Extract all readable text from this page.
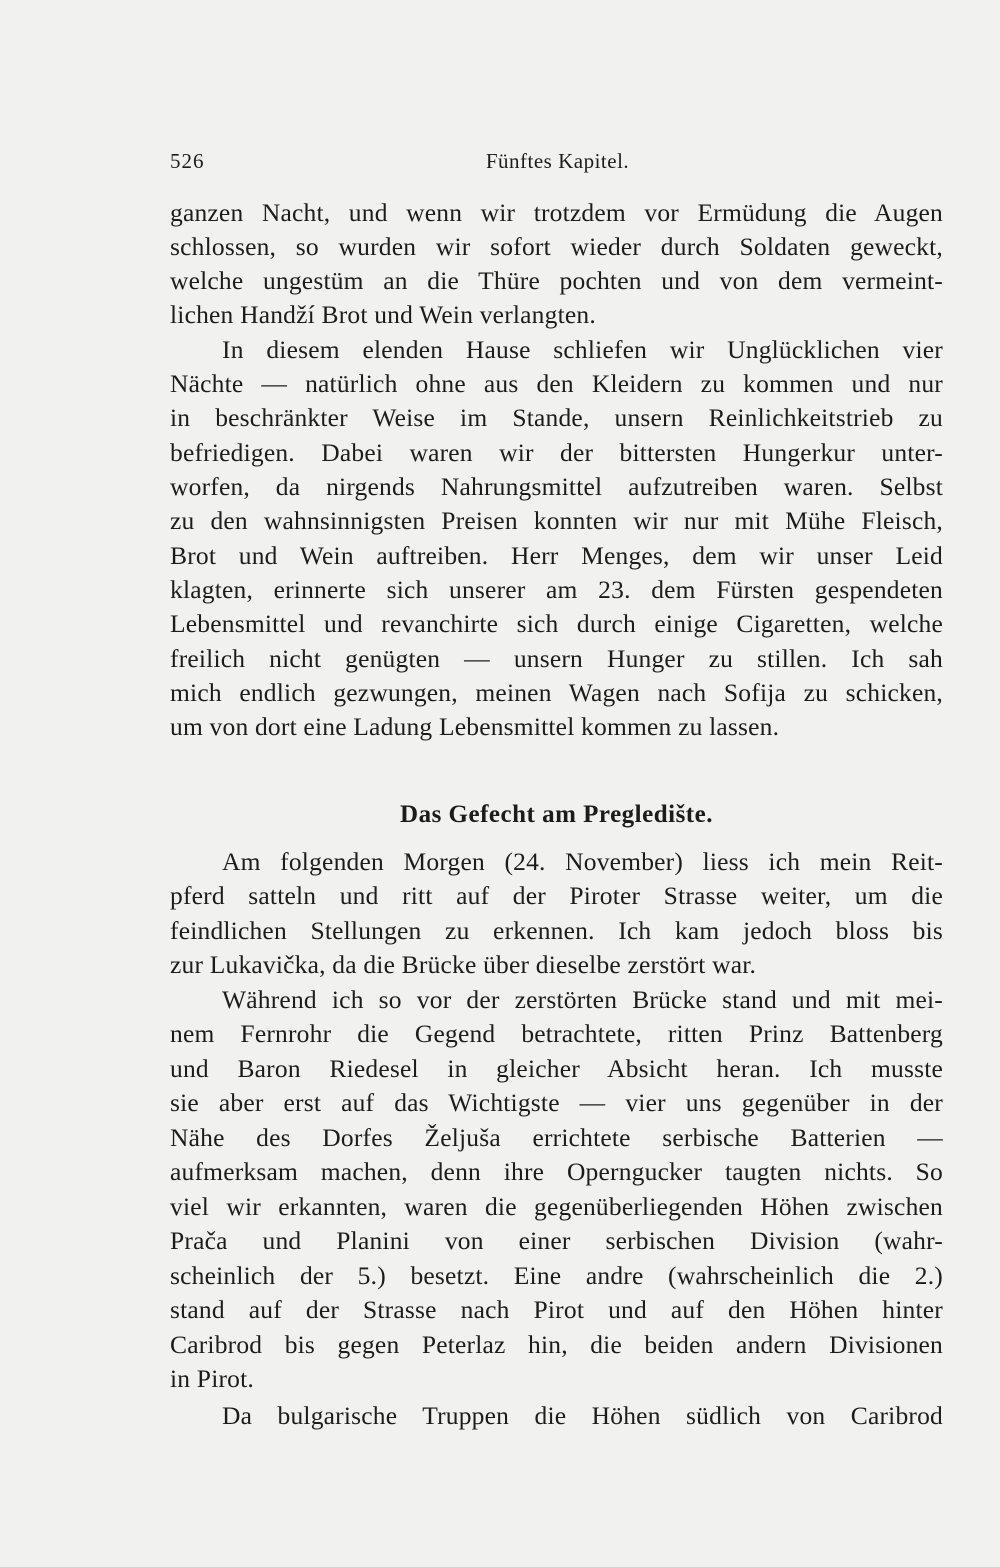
526	Fünftes Kapitel.
ganzen Nacht, und wenn wir trotzdem vor Ermüdung die Augen
schlossen, so wurden wir sofort wieder durch Soldaten geweckt,
welche ungestüm an die Thüre pochten und von dem vermeint-
lichen Handží Brot und Wein verlangten.
In diesem elenden Hause schliefen wir Unglücklichen vier
Nächte — natürlich ohne aus den Kleidern zu kommen und nur
in beschränkter Weise im Stande, unsern Reinlichkeitstrieb zu
befriedigen. Dabei waren wir der bittersten Hungerkur unter-
worfen, da nirgends Nahrungsmittel aufzutreiben waren. Selbst
zu den wahnsinnigsten Preisen konnten wir nur mit Mühe Fleisch,
Brot und Wein auftreiben. Herr Menges, dem wir unser Leid
klagten, erinnerte sich unserer am 23. dem Fürsten gespendeten
Lebensmittel und revanchirte sich durch einige Cigaretten, welche
freilich nicht genügten — unsern Hunger zu stillen. Ich sah
mich endlich gezwungen, meinen Wagen nach Sofija zu schicken,
um von dort eine Ladung Lebensmittel kommen zu lassen.
Das Gefecht am Pregledište.
Am folgenden Morgen (24. November) liess ich mein Reit-
pferd satteln und ritt auf der Piroter Strasse weiter, um die
feindlichen Stellungen zu erkennen. Ich kam jedoch bloss bis
zur Lukavička, da die Brücke über dieselbe zerstört war.
Während ich so vor der zerstörten Brücke stand und mit mei-
nem Fernrohr die Gegend betrachtete, ritten Prinz Battenberg
und Baron Riedesel in gleicher Absicht heran. Ich musste
sie aber erst auf das Wichtigste — vier uns gegenüber in der
Nähe des Dorfes Željuša errichtete serbische Batterien —
aufmerksam machen, denn ihre Operngucker taugten nichts. So
viel wir erkannten, waren die gegenüberliegenden Höhen zwischen
Prača und Planini von einer serbischen Division (wahr-
scheinlich der 5.) besetzt. Eine andre (wahrscheinlich die 2.)
stand auf der Strasse nach Pirot und auf den Höhen hinter
Caribrod bis gegen Peterlaz hin, die beiden andern Divisionen
in Pirot.
Da bulgarische Truppen die Höhen südlich von Caribrod
